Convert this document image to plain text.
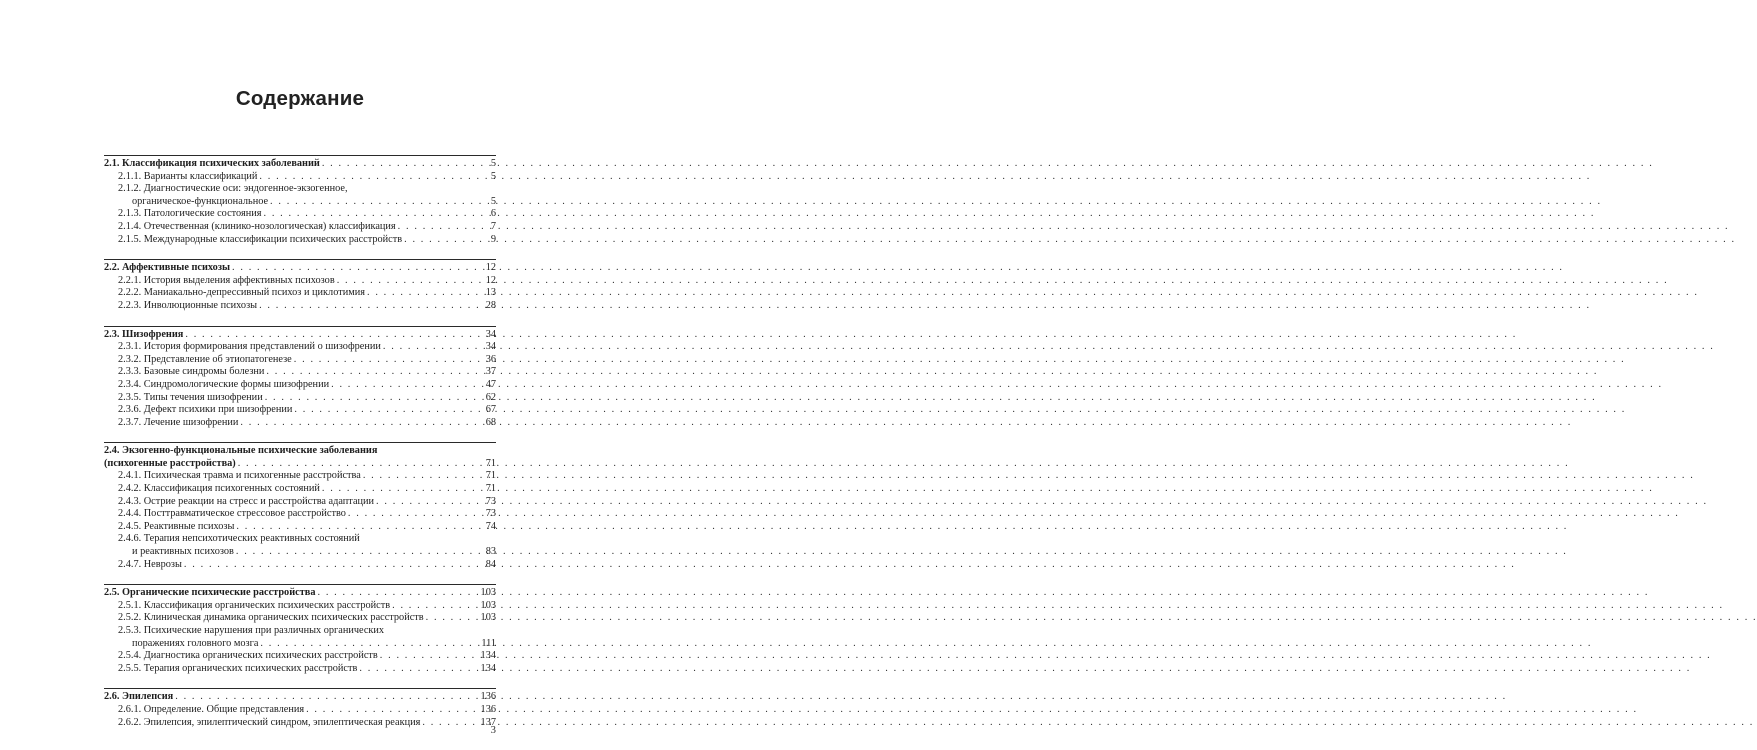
Содержание
2.1. Классификация психических заболеваний . . .	5
2.1.1. Варианты классификаций . . .	5
2.1.2. Диагностические оси: эндогенное-экзогенное,
органическое-функциональное . . .	5
2.1.3. Патологические состояния . . .	6
2.1.4. Отечественная (клинико-нозологическая) классификация . . .	7
2.1.5. Международные классификации психических расстройств . . .	9
2.2. Аффективные психозы . . .	12
2.2.1. История выделения аффективных психозов . . .	12
2.2.2. Маниакально-депрессивный психоз и циклотимия . . .	13
2.2.3. Инволюционные психозы . . .	28
2.3. Шизофрения . . .	34
2.3.1. История формирования представлений о шизофрении . . .	34
2.3.2. Представление об этиопатогенезе . . .	36
2.3.3. Базовые синдромы болезни . . .	37
2.3.4. Синдромологические формы шизофрении . . .	47
2.3.5. Типы течения шизофрении . . .	62
2.3.6. Дефект психики при шизофрении . . .	67
2.3.7. Лечение шизофрении . . .	68
2.4. Экзогенно-функциональные психические заболевания
(психогенные расстройства) . . .	71
2.4.1. Психическая травма и психогенные расстройства . . .	71
2.4.2. Классификация психогенных состояний . . .	71
2.4.3. Острие реакции на стресс и расстройства адаптации . . .	73
2.4.4. Посттравматическое стрессовое расстройство . . .	73
2.4.5. Реактивные психозы . . .	74
2.4.6. Терапия непсихотических реактивных состояний
и реактивных психозов . . .	83
2.4.7. Неврозы . . .	84
2.5. Органические психические расстройства . . .	103
2.5.1. Классификация органических психических расстройств . . .	103
2.5.2. Клиническая динамика органических психических расстройств . . .	103
2.5.3. Психические нарушения при различных органических
поражениях головного мозга . . .	111
2.5.4. Диагностика органических психических расстройств . . .	134
2.5.5. Терапия органических психических расстройств . . .	134
2.6. Эпилепсия . . .	136
2.6.1. Определение. Общие представления . . .	136
2.6.2. Эпилепсия, эпилептический синдром, эпилептическая реакция . . .	137
3
